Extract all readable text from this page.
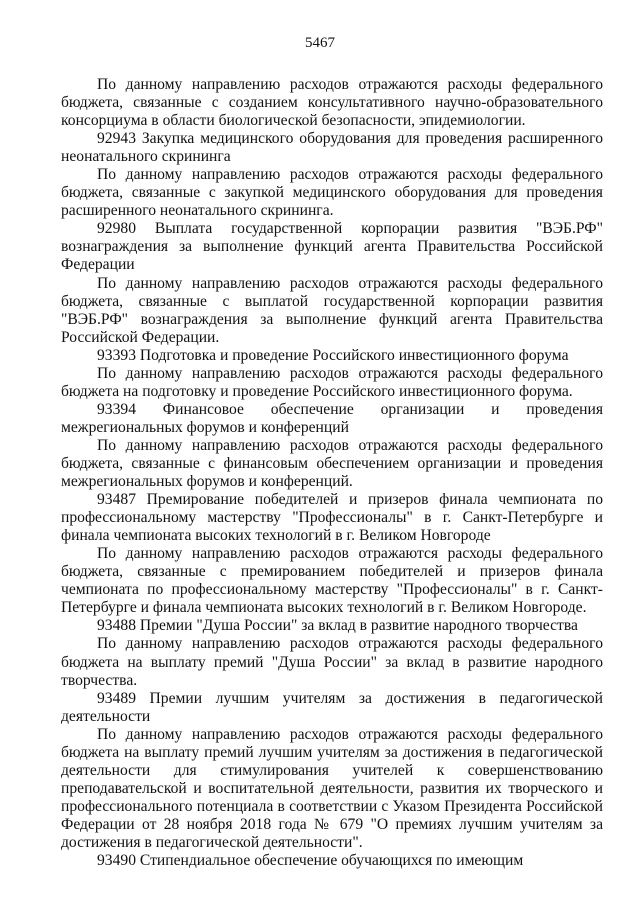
5467

По данному направлению расходов отражаются расходы федерального бюджета, связанные с созданием консультативного научно-образовательного консорциума в области биологической безопасности, эпидемиологии.

92943 Закупка медицинского оборудования для проведения расширенного неонатального скрининга

По данному направлению расходов отражаются расходы федерального бюджета, связанные с закупкой медицинского оборудования для проведения расширенного неонатального скрининга.

92980 Выплата государственной корпорации развития "ВЭБ.РФ" вознаграждения за выполнение функций агента Правительства Российской Федерации

По данному направлению расходов отражаются расходы федерального бюджета, связанные с выплатой государственной корпорации развития "ВЭБ.РФ" вознаграждения за выполнение функций агента Правительства Российской Федерации.

93393 Подготовка и проведение Российского инвестиционного форума

По данному направлению расходов отражаются расходы федерального бюджета на подготовку и проведение Российского инвестиционного форума.

93394 Финансовое обеспечение организации и проведения межрегиональных форумов и конференций

По данному направлению расходов отражаются расходы федерального бюджета, связанные с финансовым обеспечением организации и проведения межрегиональных форумов и конференций.

93487 Премирование победителей и призеров финала чемпионата по профессиональному мастерству "Профессионалы" в г. Санкт-Петербурге и финала чемпионата высоких технологий в г. Великом Новгороде

По данному направлению расходов отражаются расходы федерального бюджета, связанные с премированием победителей и призеров финала чемпионата по профессиональному мастерству "Профессионалы" в г. Санкт-Петербурге и финала чемпионата высоких технологий в г. Великом Новгороде.

93488 Премии "Душа России" за вклад в развитие народного творчества

По данному направлению расходов отражаются расходы федерального бюджета на выплату премий "Душа России" за вклад в развитие народного творчества.

93489 Премии лучшим учителям за достижения в педагогической деятельности

По данному направлению расходов отражаются расходы федерального бюджета на выплату премий лучшим учителям за достижения в педагогической деятельности для стимулирования учителей к совершенствованию преподавательской и воспитательной деятельности, развития их творческого и профессионального потенциала в соответствии с Указом Президента Российской Федерации от 28 ноября 2018 года № 679 "О премиях лучшим учителям за достижения в педагогической деятельности".

93490 Стипендиальное обеспечение обучающихся по имеющим
